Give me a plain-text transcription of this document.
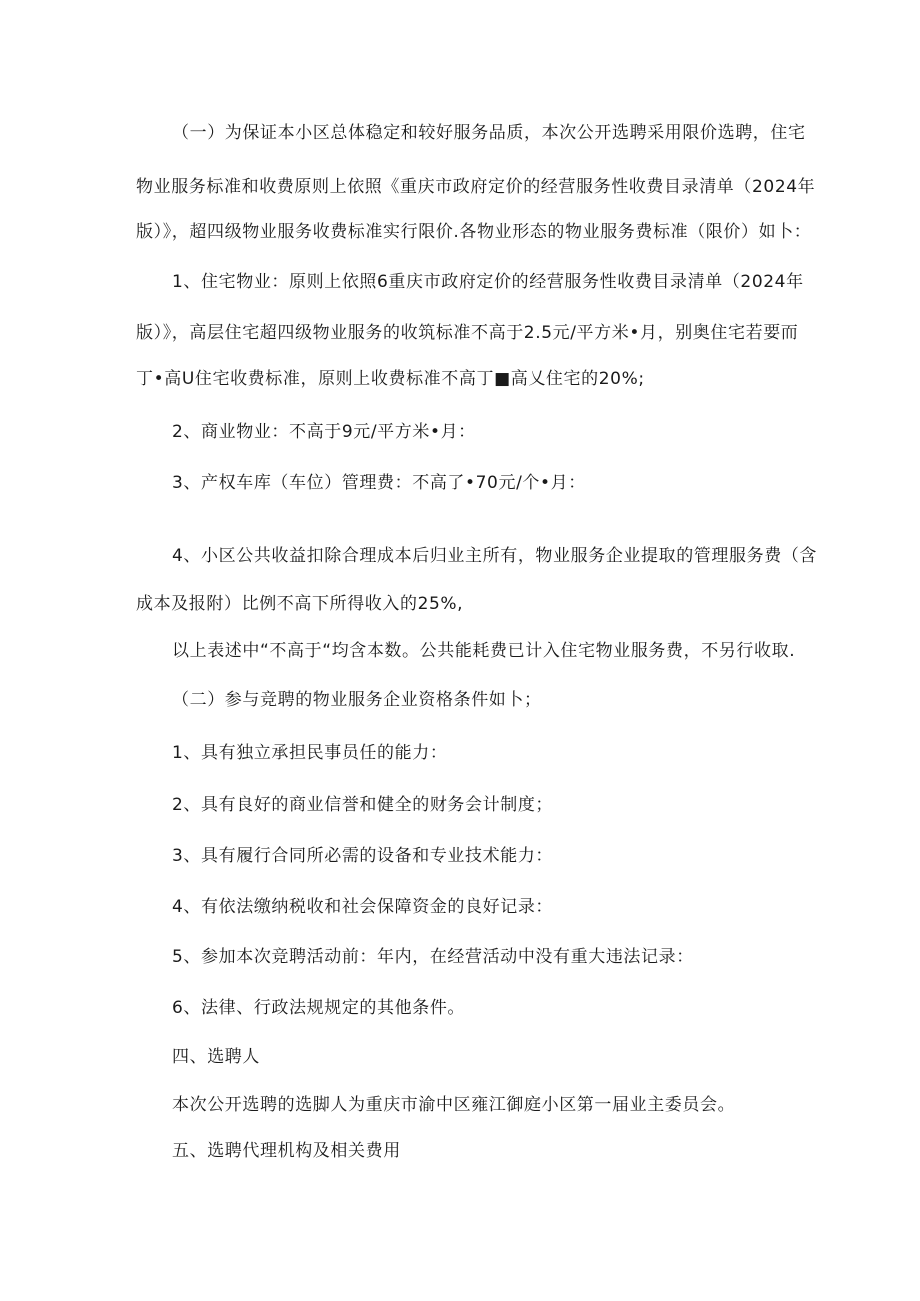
（一）为保证本小区总体稳定和较好服务品质，本次公开选聘采用限价选聘，住宅
物业服务标准和收费原则上依照《重庆市政府定价的经营服务性收费目录清单（2024年
版）》，超四级物业服务收费标准实行限价.各物业形态的物业服务费标准（限价）如卜：
1、住宅物业：原则上依照6重庆市政府定价的经营服务性收费目录清单（2024年
版）》，高层住宅超四级物业服务的收筑标准不高于2.5元/平方米•月，别奥住宅若要而
丁•高U住宅收费标准，原则上收费标准不高丁■高乂住宅的20%;
2、商业物业：不高于9元/平方米•月：
3、产权车库（车位）管理费：不高了•70元/个•月：
4、小区公共收益扣除合理成本后归业主所有，物业服务企业提取的管理服务费（含
成本及报附）比例不高下所得收入的25%,
以上表述中“不高于“均含本数。公共能耗费已计入住宅物业服务费，不另行收取.
（二）参与竞聘的物业服务企业资格条件如卜；
1、具有独立承担民事员任的能力：
2、具有良好的商业信誉和健全的财务会计制度；
3、具有履行合同所必需的设备和专业技术能力：
4、有依法缴纳税收和社会保障资金的良好记录：
5、参加本次竞聘活动前：年内，在经营活动中没有重大违法记录：
6、法律、行政法规规定的其他条件。
四、选聘人
本次公开选聘的选脚人为重庆市渝中区雍江御庭小区第一届业主委员会。
五、选聘代理机构及相关费用
